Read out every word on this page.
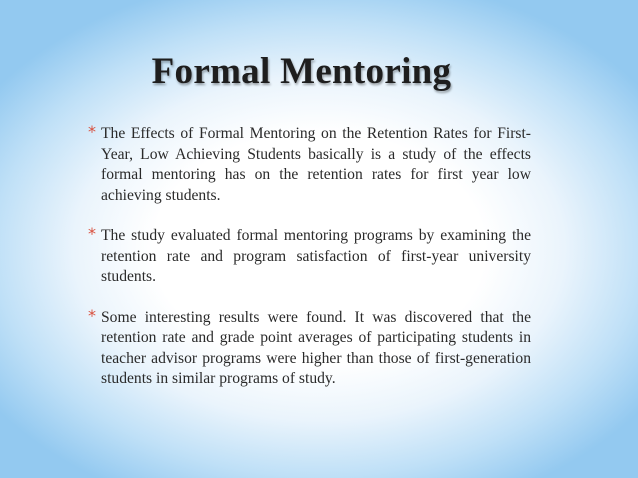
Formal Mentoring
* The Effects of Formal Mentoring on the Retention Rates for First-Year, Low Achieving Students basically is a study of the effects formal mentoring has on the retention rates for first year low achieving students.
* The study evaluated formal mentoring programs by examining the retention rate and program satisfaction of first-year university students.
* Some interesting results were found. It was discovered that the retention rate and grade point averages of participating students in teacher advisor programs were higher than those of first-generation students in similar programs of study.
